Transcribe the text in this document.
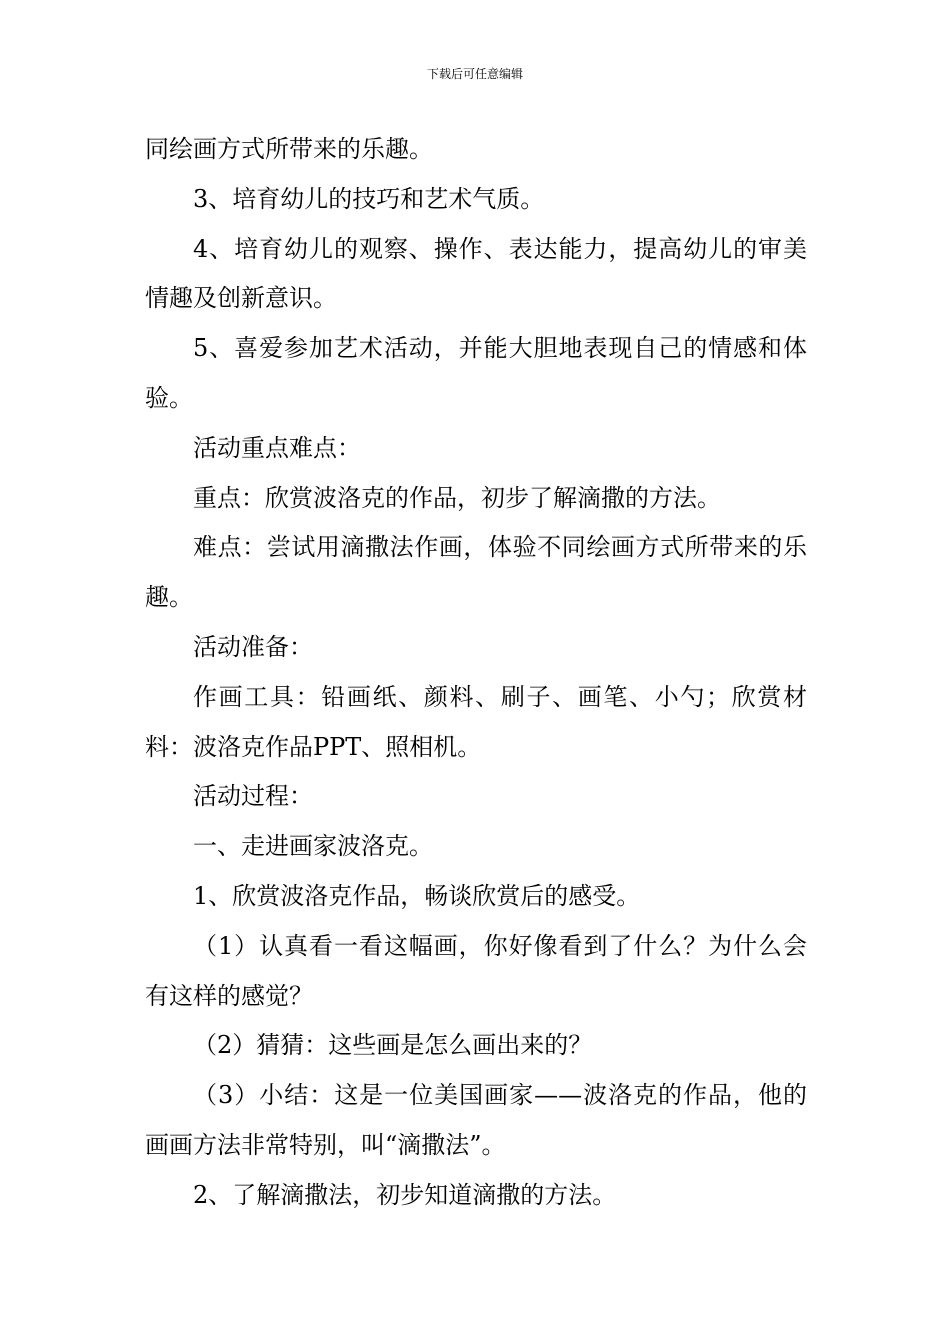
下载后可任意编辑

同绘画方式所带来的乐趣。

3、培育幼儿的技巧和艺术气质。

4、培育幼儿的观察、操作、表达能力，提高幼儿的审美情趣及创新意识。

5、喜爱参加艺术活动，并能大胆地表现自己的情感和体验。

活动重点难点：

重点：欣赏波洛克的作品，初步了解滴撒的方法。

难点：尝试用滴撒法作画，体验不同绘画方式所带来的乐趣。

活动准备：

作画工具：铅画纸、颜料、刷子、画笔、小勺；欣赏材料：波洛克作品PPT、照相机。

活动过程：

一、走进画家波洛克。

1、欣赏波洛克作品，畅谈欣赏后的感受。

（1）认真看一看这幅画，你好像看到了什么？为什么会有这样的感觉？

（2）猜猜：这些画是怎么画出来的？

（3）小结：这是一位美国画家——波洛克的作品，他的画画方法非常特别，叫“滴撒法”。

2、了解滴撒法，初步知道滴撒的方法。
